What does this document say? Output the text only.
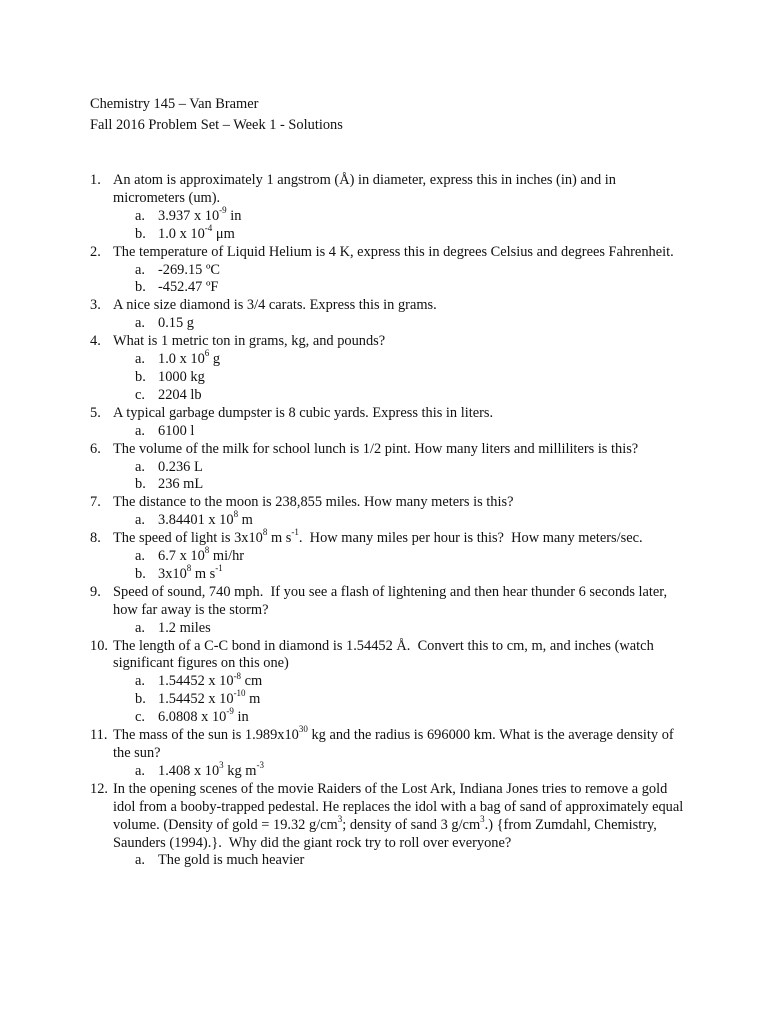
Chemistry 145 – Van Bramer
Fall 2016 Problem Set – Week 1 - Solutions
1. An atom is approximately 1 angstrom (Å) in diameter, express this in inches (in) and in micrometers (um).
a. 3.937 x $10^{-9}$ in
b. 1.0 x $10^{-4}$ μm
2. The temperature of Liquid Helium is 4 K, express this in degrees Celsius and degrees Fahrenheit.
a. -269.15 ºC
b. -452.47 ºF
3. A nice size diamond is 3/4 carats. Express this in grams.
a. 0.15 g
4. What is 1 metric ton in grams, kg, and pounds?
a. 1.0 x $10^6$ g
b. 1000 kg
c. 2204 lb
5. A typical garbage dumpster is 8 cubic yards. Express this in liters.
a. 6100 l
6. The volume of the milk for school lunch is 1/2 pint. How many liters and milliliters is this?
a. 0.236 L
b. 236 mL
7. The distance to the moon is 238,855 miles. How many meters is this?
a. 3.84401 x $10^8$ m
8. The speed of light is $3x10^8$ m $s^{-1}$.  How many miles per hour is this?  How many meters/sec.
a. 6.7 x $10^8$ mi/hr
b. $3x10^8$ m $s^{-1}$
9. Speed of sound, 740 mph.  If you see a flash of lightening and then hear thunder 6 seconds later, how far away is the storm?
a. 1.2 miles
10. The length of a C-C bond in diamond is 1.54452 Å.  Convert this to cm, m, and inches (watch significant figures on this one)
a. 1.54452 x $10^{-8}$ cm
b. 1.54452 x $10^{-10}$ m
c. 6.0808 x $10^{-9}$ in
11. The mass of the sun is $1.989x10^{30}$ kg and the radius is 696000 km. What is the average density of the sun?
a. 1.408 x $10^3$ kg $m^{-3}$
12. In the opening scenes of the movie Raiders of the Lost Ark, Indiana Jones tries to remove a gold idol from a booby-trapped pedestal. He replaces the idol with a bag of sand of approximately equal volume. (Density of gold = 19.32 $g/cm^3$; density of sand 3 $g/cm^3$.) {from Zumdahl, Chemistry, Saunders (1994).}.  Why did the giant rock try to roll over everyone?
a. The gold is much heavier
